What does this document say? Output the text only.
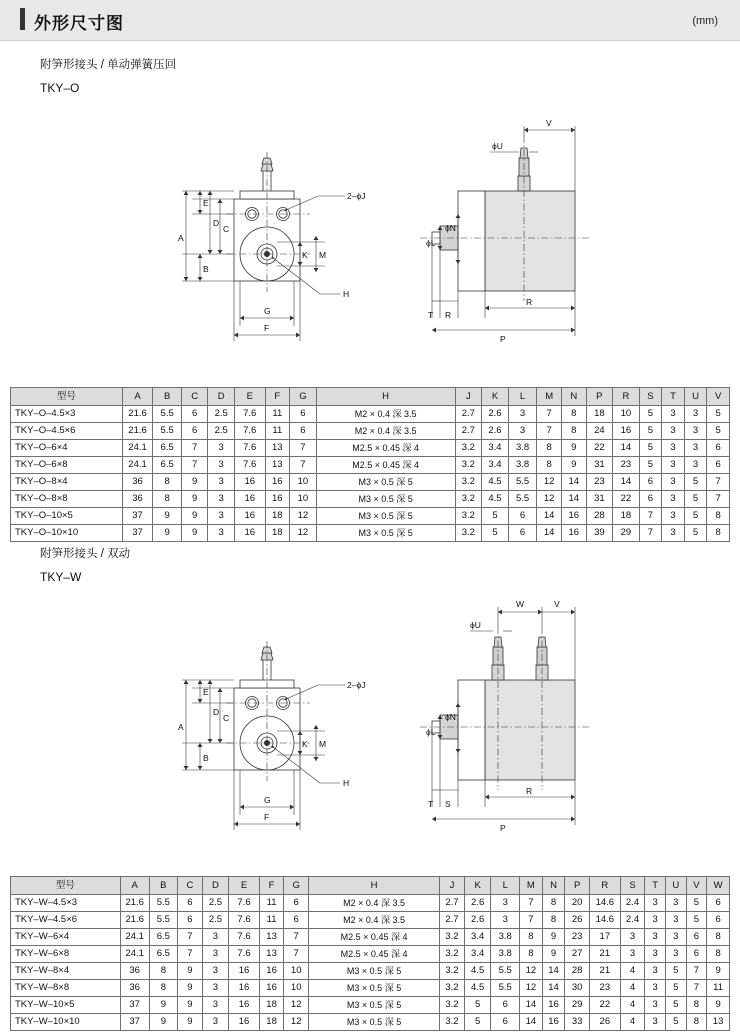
外形尺寸图	(mm)
附笋形接头 / 单动弹簧压回
TKY–O
E
D
C
B
A
G
F
K M
2–ϕJ
H
ϕU
V
ϕN
ϕL
T R
R
P
型号	A	B	C	D	E	F	G	H	J	K	L	M	N	P	R	S	T	U	V
TKY–O–4.5×3	21.6	5.5	6	2.5	7.6	11	6	M2 × 0.4 深 3.5	2.7	2.6	3	7	8	18	10	5	3	3	5
TKY–O–4.5×6	21.6	5.5	6	2.5	7.6	11	6	M2 × 0.4 深 3.5	2.7	2.6	3	7	8	24	16	5	3	3	5
TKY–O–6×4	24.1	6.5	7	3	7.6	13	7	M2.5 × 0.45 深 4	3.2	3.4	3.8	8	9	22	14	5	3	3	6
TKY–O–6×8	24.1	6.5	7	3	7.6	13	7	M2.5 × 0.45 深 4	3.2	3.4	3.8	8	9	31	23	5	3	3	6
TKY–O–8×4	36	8	9	3	16	16	10	M3 × 0.5 深 5	3.2	4.5	5.5	12	14	23	14	6	3	5	7
TKY–O–8×8	36	8	9	3	16	16	10	M3 × 0.5 深 5	3.2	4.5	5.5	12	14	31	22	6	3	5	7
TKY–O–10×5	37	9	9	3	16	18	12	M3 × 0.5 深 5	3.2	5	6	14	16	28	18	7	3	5	8
TKY–O–10×10	37	9	9	3	16	18	12	M3 × 0.5 深 5	3.2	5	6	14	16	39	29	7	3	5	8
附笋形接头 / 双动
TKY–W
E
D
C
B
A
G
F
K M
2–ϕJ
H
ϕU
W	V
ϕN
ϕL
T S
R
P
型号	A	B	C	D	E	F	G	H	J	K	L	M	N	P	R	S	T	U	V	W
TKY–W–4.5×3	21.6	5.5	6	2.5	7.6	11	6	M2 × 0.4 深 3.5	2.7	2.6	3	7	8	20	14.6	2.4	3	3	5	6
TKY–W–4.5×6	21.6	5.5	6	2.5	7.6	11	6	M2 × 0.4 深 3.5	2.7	2.6	3	7	8	26	14.6	2.4	3	3	5	6
TKY–W–6×4	24.1	6.5	7	3	7.6	13	7	M2.5 × 0.45 深 4	3.2	3.4	3.8	8	9	23	17	3	3	3	6	8
TKY–W–6×8	24.1	6.5	7	3	7.6	13	7	M2.5 × 0.45 深 4	3.2	3.4	3.8	8	9	27	21	3	3	3	6	8
TKY–W–8×4	36	8	9	3	16	16	10	M3 × 0.5 深 5	3.2	4.5	5.5	12	14	28	21	4	3	5	7	9
TKY–W–8×8	36	8	9	3	16	16	10	M3 × 0.5 深 5	3.2	4.5	5.5	12	14	30	23	4	3	5	7	11
TKY–W–10×5	37	9	9	3	16	18	12	M3 × 0.5 深 5	3.2	5	6	14	16	29	22	4	3	5	8	9
TKY–W–10×10	37	9	9	3	16	18	12	M3 × 0.5 深 5	3.2	5	6	14	16	33	26	4	3	5	8	13
